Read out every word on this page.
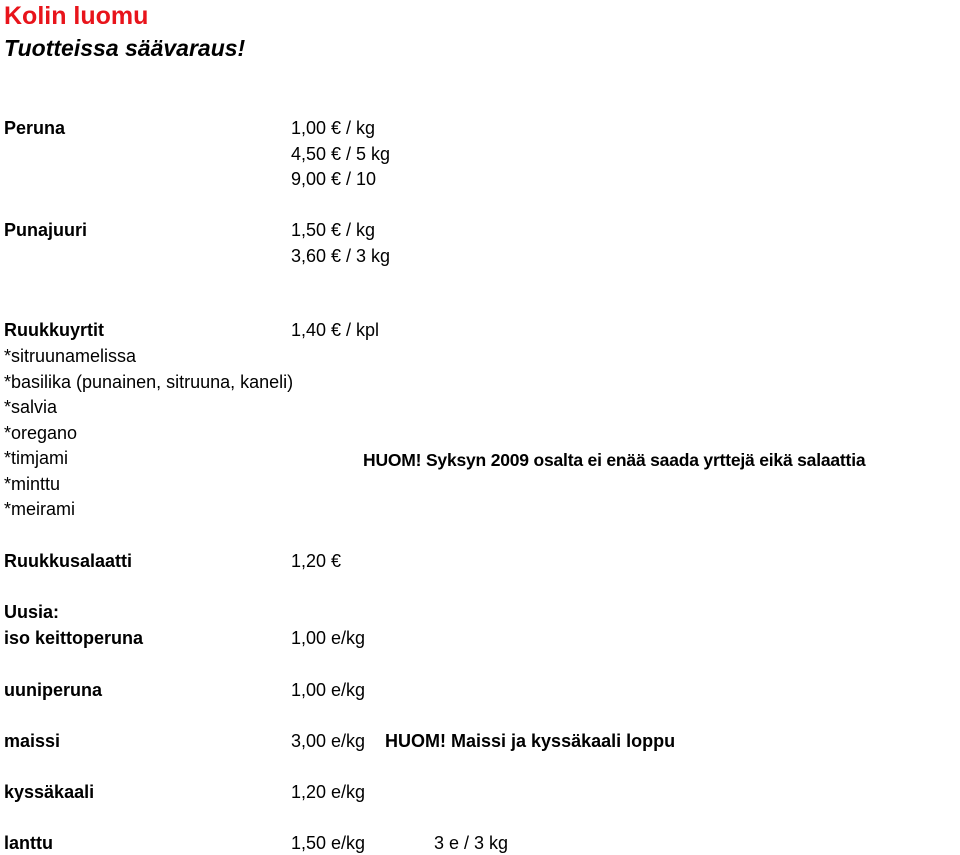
Kolin luomu
Tuotteissa säävaraus!
Peruna	1,00 € / kg
4,50 € / 5 kg
9,00 € / 10
Punajuuri	1,50 € / kg
3,60 € / 3 kg
Ruukkuyrtit	1,40 € / kpl
*sitruunamelissa
*basilika (punainen, sitruuna, kaneli)
*salvia
*oregano
*timjami
*minttu
*meirami
HUOM! Syksyn 2009 osalta ei enää saada yrttejä eikä salaattia
Ruukkusalaatti	1,20 €
Uusia:
iso keittoperuna	1,00 e/kg
uuniperuna	1,00 e/kg
maissi	3,00 e/kg HUOM! Maissi ja kyssäkaali loppu
kyssäkaali	1,20 e/kg
lanttu	1,50 e/kg	3 e / 3 kg
